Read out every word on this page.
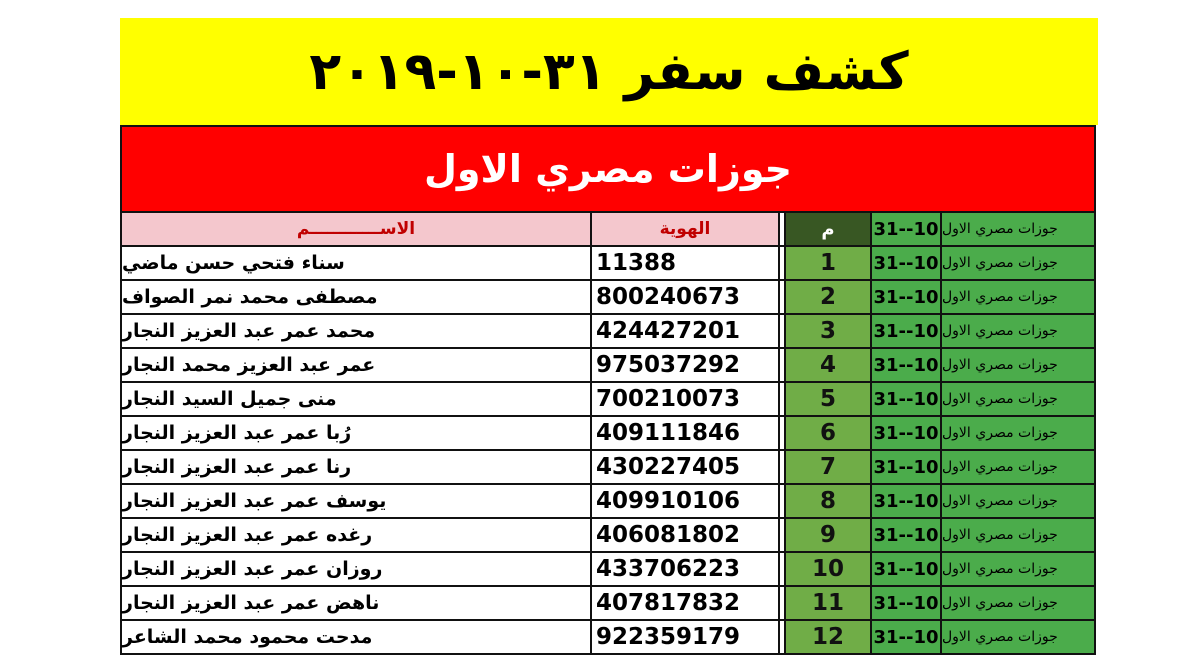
كشف سفر ٣١-١٠-٢٠١٩
جوزات مصري الاول
الاســــــــــــم	الهوية	م	31--10 جوزات مصري الاول
سناء فتحي حسن ماضي	11388	1	31--10 جوزات مصري الاول
مصطفى محمد نمر الصواف	800240673	2	31--10 جوزات مصري الاول
محمد عمر عبد العزيز النجار	424427201	3	31--10 جوزات مصري الاول
عمر عبد العزيز محمد النجار	975037292	4	31--10 جوزات مصري الاول
منى جميل السيد النجار	700210073	5	31--10 جوزات مصري الاول
رُبا عمر عبد العزيز النجار	409111846	6	31--10 جوزات مصري الاول
رنا عمر عبد العزيز النجار	430227405	7	31--10 جوزات مصري الاول
يوسف عمر عبد العزيز النجار	409910106	8	31--10 جوزات مصري الاول
رغده عمر عبد العزيز النجار	406081802	9	31--10 جوزات مصري الاول
روزان عمر عبد العزيز النجار	433706223	10	31--10 جوزات مصري الاول
ناهض عمر عبد العزيز النجار	407817832	11	31--10 جوزات مصري الاول
مدحت محمود محمد الشاعر	922359179	12	31--10 جوزات مصري الاول
